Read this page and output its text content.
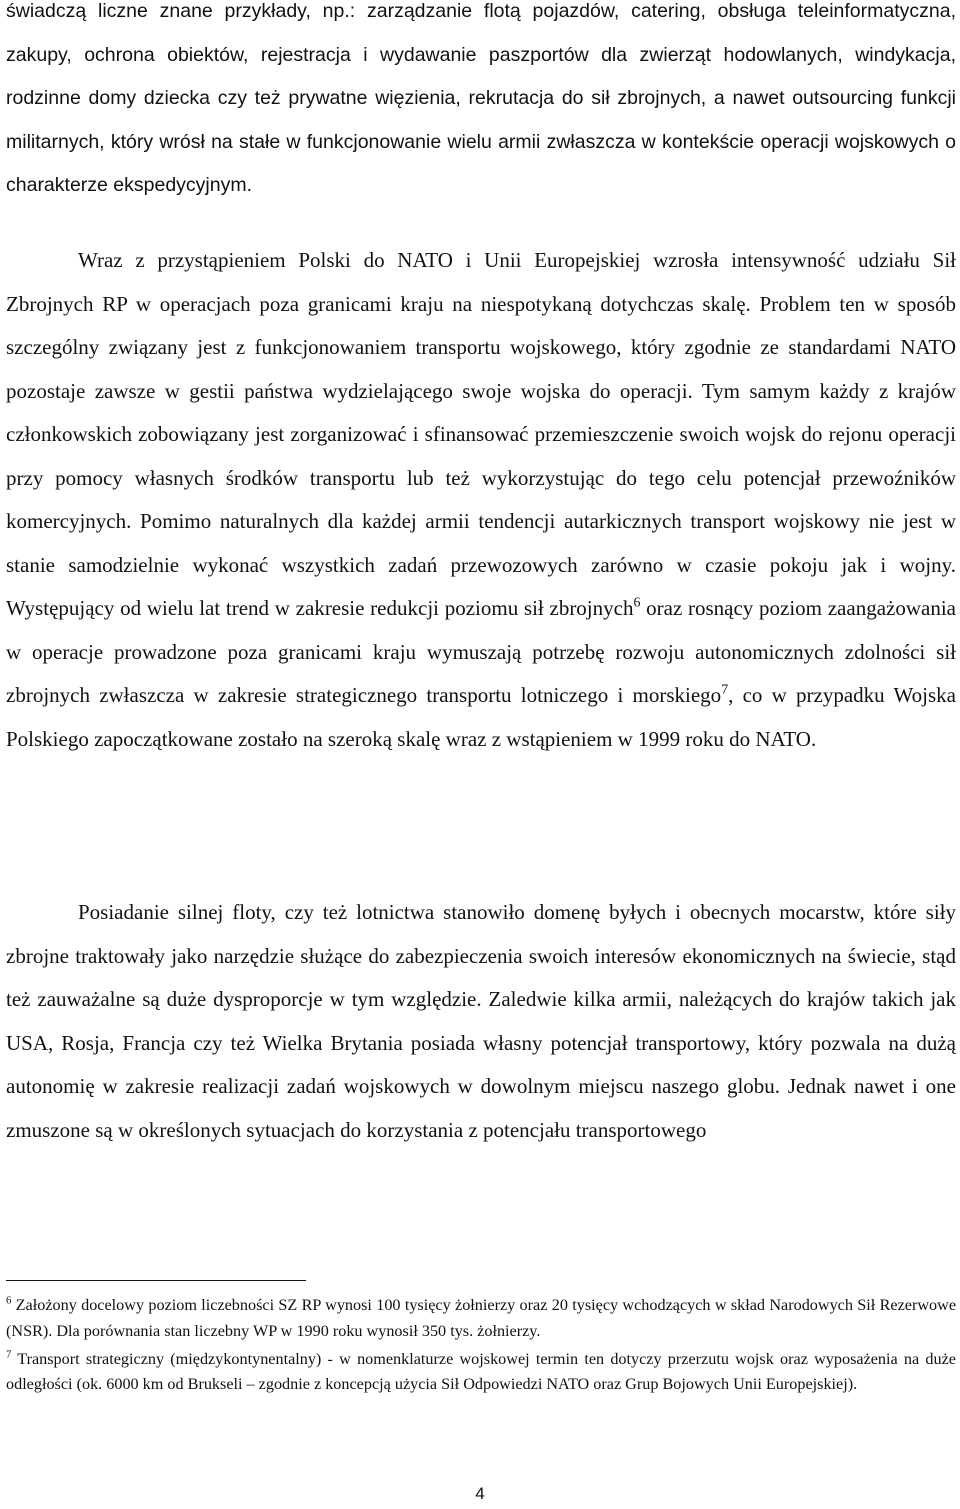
świadczą liczne znane przykłady, np.: zarządzanie flotą pojazdów, catering, obsługa teleinformatyczna, zakupy, ochrona obiektów, rejestracja i wydawanie paszportów dla zwierząt hodowlanych, windykacja, rodzinne domy dziecka czy też prywatne więzienia, rekrutacja do sił zbrojnych, a nawet outsourcing funkcji militarnych, który wrósł na stałe w funkcjonowanie wielu armii zwłaszcza w kontekście operacji wojskowych o charakterze ekspedycyjnym.

Wraz z przystąpieniem Polski do NATO i Unii Europejskiej wzrosła intensywność udziału Sił Zbrojnych RP w operacjach poza granicami kraju na niespotykaną dotychczas skalę. Problem ten w sposób szczególny związany jest z funkcjonowaniem transportu wojskowego, który zgodnie ze standardami NATO pozostaje zawsze w gestii państwa wydzielającego swoje wojska do operacji. Tym samym każdy z krajów członkowskich zobowiązany jest zorganizować i sfinansować przemieszczenie swoich wojsk do rejonu operacji przy pomocy własnych środków transportu lub też wykorzystując do tego celu potencjał przewoźników komercyjnych. Pomimo naturalnych dla każdej armii tendencji autarkicznych transport wojskowy nie jest w stanie samodzielnie wykonać wszystkich zadań przewozowych zarówno w czasie pokoju jak i wojny. Występujący od wielu lat trend w zakresie redukcji poziomu sił zbrojnych$^6$ oraz rosnący poziom zaangażowania w operacje prowadzone poza granicami kraju wymuszają potrzebę rozwoju autonomicznych zdolności sił zbrojnych zwłaszcza w zakresie strategicznego transportu lotniczego i morskiego$^7$, co w przypadku Wojska Polskiego zapoczątkowane zostało na szeroką skalę wraz z wstąpieniem w 1999 roku do NATO.

Posiadanie silnej floty, czy też lotnictwa stanowiło domenę byłych i obecnych mocarstw, które siły zbrojne traktowały jako narzędzie służące do zabezpieczenia swoich interesów ekonomicznych na świecie, stąd też zauważalne są duże dysproporcje w tym względzie. Zaledwie kilka armii, należących do krajów takich jak USA, Rosja, Francja czy też Wielka Brytania posiada własny potencjał transportowy, który pozwala na dużą autonomię w zakresie realizacji zadań wojskowych w dowolnym miejscu naszego globu. Jednak nawet i one zmuszone są w określonych sytuacjach do korzystania z potencjału transportowego

$^6$ Założony docelowy poziom liczebności SZ RP wynosi 100 tysięcy żołnierzy oraz 20 tysięcy wchodzących w skład Narodowych Sił Rezerwowe (NSR). Dla porównania stan liczebny WP w 1990 roku wynosił 350 tys. żołnierzy.

$^7$ Transport strategiczny (międzykontynentalny) - w nomenklaturze wojskowej termin ten dotyczy przerzutu wojsk oraz wyposażenia na duże odległości (ok. 6000 km od Brukseli – zgodnie z koncepcją użycia Sił Odpowiedzi NATO oraz Grup Bojowych Unii Europejskiej).

4
